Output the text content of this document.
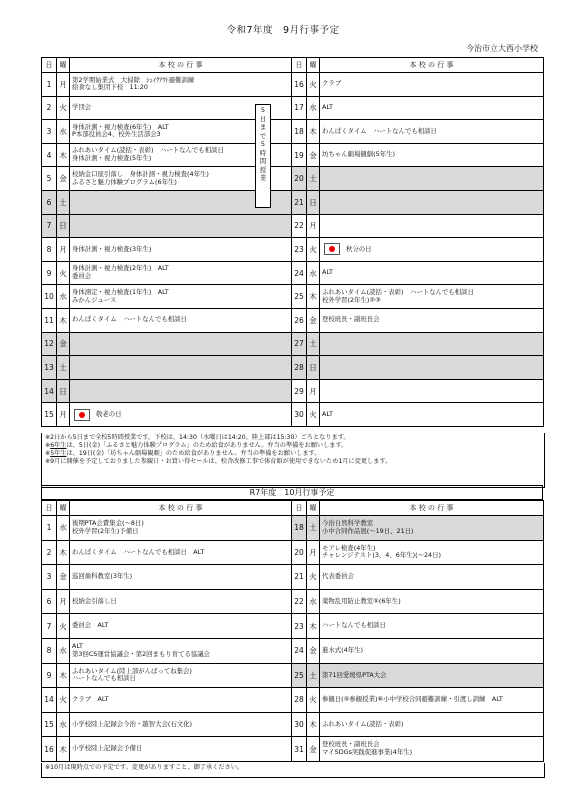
令和7年度　9月行事予定
今治市立大西小学校
日	曜	本 校 の 行 事	日	曜	本 校 の 行 事
1	月	第2学期始業式　大掃除　ｼｪｲｸｱｳﾄ避難訓練
給食なし集団下校　11:20	16	火	クラブ
2	火	学団会	17	水	ALT
3	水	身体計測・視力検査(6年生)　ALT
P本部役員会4、校外生活部会3	18	木	わんぱくタイム　ハートなんでも相談日
4	木	ふれあいタイム(読括・表彰)　ハートなんでも相談日
身体計測・視力検査(5年生)	19	金	坊ちゃん劇場観劇(5年生)
5	金	校納金口座引落し　身体計測・視力検査(4年生)
ふるさと魅力体験プログラム(6年生)	20	土	
6	土		21	日	
7	日		22	月	
8	月	身体計測・視力検査(3年生)	23	火	秋分の日

9	火	身体計測・視力検査(2年生)　ALT
委員会	24	水	ALT
10	水	身体測定・視力検査(1年生)　ALT
みかんジュース	25	木	ふれあいタイム(読括・表彰)　ハートなんでも相談日
校外学習(2年生)②③
11	木	わんぱくタイム　ハートなんでも相談日	26	金	登校班長・副班長会
12	金		27	土	
13	土		28	日	
14	日		29	月	
15	月	敬老の日	30	火	ALT
5
日
ま
で
5
時
間
授
業
※2日から5日まで全校5時間授業です。下校は、14:30（水曜日は14:20、陸上部は15:30）ごろとなります。
※6年生は、5日(金)「ふるさと魅力体験プログラム」のため給食がありません。弁当の準備をお願いします。
※5年生は、19日(金)「坊ちゃん劇場観劇」のため給食がありません。弁当の準備をお願いします。
※9月に開催を予定しておりました参観日・お買い得セールは、校舎改修工事で体育館が使用できないため1月に変更します。
R7年度　10月行事予定
日	曜	本 校 の 行 事	日	曜	本 校 の 行 事
1	水	後期PTA会費集金(～8日)
校外学習(2年生)予備日	18	土	今治自然科学教室
小中合同作品展(～19日、21日)
2	木	わんぱくタイム　ハートなんでも相談日　ALT	20	月	モアレ検査(4年生)
チャレンジテスト(3、4、6年生)(～24日)
3	金	巡回歯科教室(3年生)	21	火	代表委員会
6	月	校納金引落し日	22	水	薬物乱用防止教室⑤(6年生)
7	火	委員会　ALT	23	木	ハートなんでも相談日
8	水	ALT
第3回CS運営協議会・第2回まもり育てる協議会	24	金	進水式(4年生)
9	木	ふれあいタイム(陸上部がんばってね集会)
ハートなんでも相談日	25	土	第71回愛媛県PTA大会
14	火	クラブ　ALT	28	火	参観日(⑤参観授業)⑥小中学校合同避難訓練・引渡し訓練　ALT
15	水	小学校陸上記録会今治・越智大会(石文化)	30	木	ふれあいタイム(読括・表彰)
16	木	小学校陸上記録会予備日	31	金	登校班長・副班長会
マイSDGs実践促進事業(4年生)
※10月は現時点での予定です。変更がありますこと、御了承ください。
